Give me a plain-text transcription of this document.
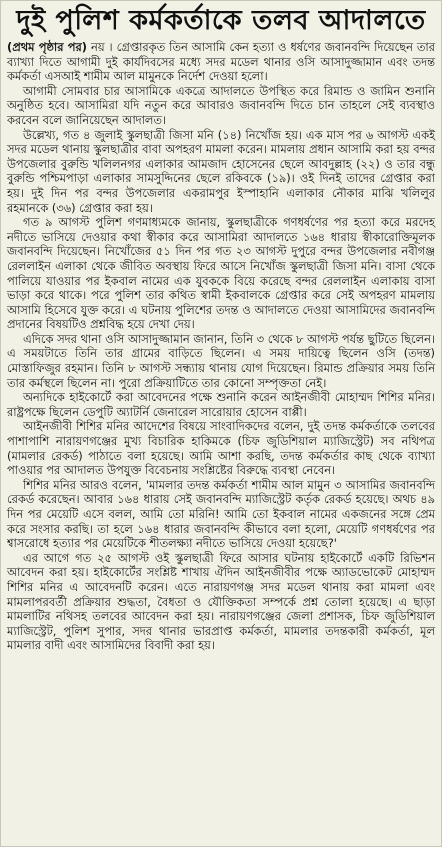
দুই পুলিশ কর্মকর্তাকে তলব আদালতে

(প্রথম পৃষ্ঠার পর) নয় । গ্রেপ্তারকৃত তিন আসামি কেন হত্যা ও ধর্ষণের জবানবন্দি দিয়েছেন তার ব্যাখ্যা দিতে আগামী দুই কার্যদিবসের মধ্যে সদর মডেল থানার ওসি আসাদুজ্জামান এবং তদন্ত কর্মকর্তা এসআই শামীম আল মামুনকে নির্দেশ দেওয়া হলো।

আগামী সোমবার চার আসামিকে একত্রে আদালতে উপস্থিত করে রিমান্ড ও জামিন শুনানি অনুষ্ঠিত হবে। আসামিরা যদি নতুন করে আবারও জবানবন্দি দিতে চান তাহলে সেই ব্যবস্থাও করবেন বলে জানিয়েছেন আদালত।

উল্লেখ্য, গত ৪ জুলাই স্কুলছাত্রী জিসা মনি (১৪) নিখোঁজ হয়। এক মাস পর ৬ আগস্ট একই সদর মডেল থানায় স্কুলছাত্রীর বাবা অপহরণ মামলা করেন। মামলায় প্রধান আসামি করা হয় বন্দর উপজেলার বুরুন্ডি খলিলনগর এলাকার আমজাদ হোসেনের ছেলে আবদুল্লাহ (২২) ও তার বন্ধু বুরুন্ডি পশ্চিমপাড়া এলাকার সামসুদ্দিনের ছেলে রকিবকে (১৯)। ওই দিনই তাদের গ্রেপ্তার করা হয়। দুই দিন পর বন্দর উপজেলার একরামপুর ইস্পাহানি এলাকার নৌকার মাঝি খলিলুর রহমানকে (৩৬) গ্রেপ্তার করা হয়।

গত ৯ আগস্ট পুলিশ গণমাধ্যমকে জানায়, স্কুলছাত্রীকে গণধর্ষণের পর হত্যা করে মরদেহ নদীতে ভাসিয়ে দেওয়ার কথা স্বীকার করে আসামিরা আদালতে ১৬৪ ধারায় স্বীকারোক্তিমূলক জবানবন্দি দিয়েছেন। নিখোঁজের ৫১ দিন পর গত ২৩ আগস্ট দুপুরে বন্দর উপজেলার নবীগঞ্জ রেললাইন এলাকা থেকে জীবিত অবস্থায় ফিরে আসে নিখোঁজ স্কুলছাত্রী জিসা মনি। বাসা থেকে পালিয়ে যাওয়ার পর ইকবাল নামের এক যুবককে বিয়ে করেছে বন্দর রেললাইন এলাকায় বাসা ভাড়া করে থাকে। পরে পুলিশ তার কথিত স্বামী ইকবালকে গ্রেপ্তার করে সেই অপহরণ মামলায় আসামি হিসেবে যুক্ত করে। এ ঘটনায় পুলিশের তদন্ত ও আদালতে দেওয়া আসামিদের জবানবন্দি প্রদানের বিষয়টিও প্রশ্নবিদ্ধ হয়ে দেখা দেয়।

এদিকে সদর থানা ওসি আসাদুজ্জামান জানান, তিনি ৩ থেকে ৮ আগস্ট পর্যন্ত ছুটিতে ছিলেন। এ সময়টাতে তিনি তার গ্রামের বাড়িতে ছিলেন। এ সময় দায়িত্বে ছিলেন ওসি (তদন্ত) মোস্তাফিজুর রহমান। তিনি ৮ আগস্ট সন্ধ্যায় থানায় যোগ দিয়েছেন। রিমান্ড প্রক্রিয়ার সময় তিনি তার কর্মস্থলে ছিলেন না। পুরো প্রক্রিয়াটিতে তার কোনো সম্পৃক্ততা নেই।

অন্যদিকে হাইকোর্টে করা আবেদনের পক্ষে শুনানি করেন আইনজীবী মোহাম্মদ শিশির মনির। রাষ্ট্রপক্ষে ছিলেন ডেপুটি অ্যাটর্নি জেনারেল সারোয়ার হোসেন বাপ্পী।

আইনজীবী শিশির মনির আদেশের বিষয়ে সাংবাদিকদের বলেন, দুই তদন্ত কর্মকর্তাকে তলবের পাশাপাশি নারায়ণগঞ্জের মুখ্য বিচারিক হাকিমকে (চিফ জুডিশিয়াল ম্যাজিস্ট্রেট) সব নথিপত্র (মামলার রেকর্ড) পাঠাতে বলা হয়েছে। আমি আশা করছি, তদন্ত কর্মকর্তার কাছ থেকে ব্যাখ্যা পাওয়ার পর আদালত উপযুক্ত বিবেচনায় সংশ্লিষ্টের বিরুদ্ধে ব্যবস্থা নেবেন।

শিশির মনির আরও বলেন, 'মামলার তদন্ত কর্মকর্তা শামীম আল মামুন ৩ আসামির জবানবন্দি রেকর্ড করেছেন। আবার ১৬৪ ধারায় সেই জবানবন্দি ম্যাজিস্ট্রেট কর্তৃক রেকর্ড হয়েছে। অথচ ৪৯ দিন পর মেয়েটি এসে বলল, আমি তো মরিনি! আমি তো ইকবাল নামের একজনের সঙ্গে প্রেম করে সংসার করছি। তা হলে ১৬৪ ধারার জবানবন্দি কীভাবে বলা হলো, মেয়েটি গণধর্ষণের পর শ্বাসরোধে হত্যার পর মেয়েটিকে শীতলক্ষ্যা নদীতে ভাসিয়ে দেওয়া হয়েছে?'

এর আগে গত ২৫ আগস্ট ওই স্কুলছাত্রী ফিরে আসার ঘটনায় হাইকোর্টে একটি রিভিশন আবেদন করা হয়। হাইকোর্টের সংশ্লিষ্ট শাখায় ঐদিন আইনজীবীর পক্ষে অ্যাডভোকেট মোহাম্মদ শিশির মনির এ আবেদনটি করেন। এতে নারায়ণগঞ্জ সদর মডেল থানায় করা মামলা এবং মামলাপরবর্তী প্রক্রিয়ার শুদ্ধতা, বৈধতা ও যৌক্তিকতা সম্পর্কে প্রশ্ন তোলা হয়েছে। এ ছাড়া মামলাটির নথিসহ তলবের আবেদন করা হয়। নারায়ণগঞ্জের জেলা প্রশাসক, চিফ জুডিশিয়াল ম্যাজিস্ট্রেট, পুলিশ সুপার, সদর থানার ভারপ্রাপ্ত কর্মকর্তা, মামলার তদন্তকারী কর্মকর্তা, মূল মামলার বাদী এবং আসামিদের বিবাদী করা হয়।
